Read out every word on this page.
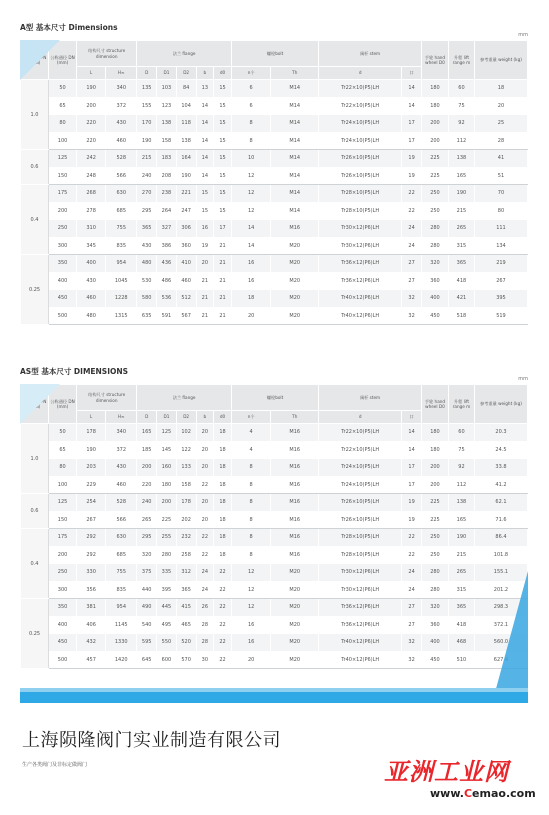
A型 基本尺寸 Dimensions
mm
公称压力 PN (MPa)	公称通径 DN (mm)	结构尺寸 structure dimension		法兰 flange					螺栓bolt		阀杆 stem		手轮 hand wheel D0	升程 lift range m	参考重量 weight (kg)
		L	H≈	D	D1	D2	b	d0	n个	Th	d	口			
1.0	50	190	340	135	103	84	13	15	6	M14	Tr22×10(P5)LH	14	180	60	18
	65	200	372	155	123	104	14	15	6	M14	Tr22×10(P5)LH	14	180	75	20
	80	220	430	170	138	118	14	15	8	M14	Tr24×10(P5)LH	17	200	92	25
	100	220	460	190	158	138	14	15	8	M14	Tr24×10(P5)LH	17	200	112	28
0.6	125	242	528	215	183	164	14	15	10	M14	Tr26×10(P5)LH	19	225	138	41
	150	248	566	240	208	190	14	15	12	M14	Tr26×10(P5)LH	19	225	165	51
0.4	175	268	630	270	238	221	15	15	12	M14	Tr28×10(P5)LH	22	250	190	70
	200	278	685	295	264	247	15	15	12	M14	Tr28×10(P5)LH	22	250	215	80
	250	310	755	365	327	306	16	17	14	M16	Tr30×12(P6)LH	24	280	265	111
	300	345	835	430	386	360	19	21	14	M20	Tr30×12(P6)LH	24	280	315	134
0.25	350	400	954	480	436	410	20	21	16	M20	Tr36×12(P6)LH	27	320	365	219
	400	430	1045	530	486	460	21	21	16	M20	Tr36×12(P6)LH	27	360	418	267
	450	460	1228	580	536	512	21	21	18	M20	Tr40×12(P6)LH	32	400	421	395
	500	480	1315	635	591	567	21	21	20	M20	Tr40×12(P6)LH	32	450	518	519
AS型 基本尺寸 DIMENSIONS
mm
公称压力 PN (MPa)	公称通径 DN (mm)	结构尺寸 structure dimension		法兰 flange					螺栓bolt		阀杆 stem		手轮 hand wheel D0	升程 lift range m	参考重量 weight (kg)
		L	H≈	D	D1	D2	b	d0	n个	Th	d	口			
1.0	50	178	340	165	125	102	20	18	4	M16	Tr22×10(P5)LH	14	180	60	20.3
	65	190	372	185	145	122	20	18	4	M16	Tr22×10(P5)LH	14	180	75	24.5
	80	203	430	200	160	133	20	18	8	M16	Tr24×10(P5)LH	17	200	92	33.8
	100	229	460	220	180	158	22	18	8	M16	Tr24×10(P5)LH	17	200	112	41.2
0.6	125	254	528	240	200	178	20	18	8	M16	Tr26×10(P5)LH	19	225	138	62.1
	150	267	566	265	225	202	20	18	8	M16	Tr26×10(P5)LH	19	225	165	71.6
0.4	175	292	630	295	255	232	22	18	8	M16	Tr28×10(P5)LH	22	250	190	86.4
	200	292	685	320	280	258	22	18	8	M16	Tr28×10(P5)LH	22	250	215	101.8
	250	330	755	375	335	312	24	22	12	M20	Tr30×12(P6)LH	24	280	265	155.1
	300	356	835	440	395	365	24	22	12	M20	Tr30×12(P6)LH	24	280	315	201.2
0.25	350	381	954	490	445	415	26	22	12	M20	Tr36×12(P6)LH	27	320	365	298.3
	400	406	1145	540	495	465	28	22	16	M20	Tr36×12(P6)LH	27	360	418	372.1
	450	432	1330	595	550	520	28	22	16	M20	Tr40×12(P6)LH	32	400	468	560.0
	500	457	1420	645	600	570	30	22	20	M20	Tr40×12(P6)LH	32	450	510	627.4
上海陨隆阀门实业制造有限公司
生产各类阀门及非标定做阀门	亚洲工业网
www.Cemao.com
